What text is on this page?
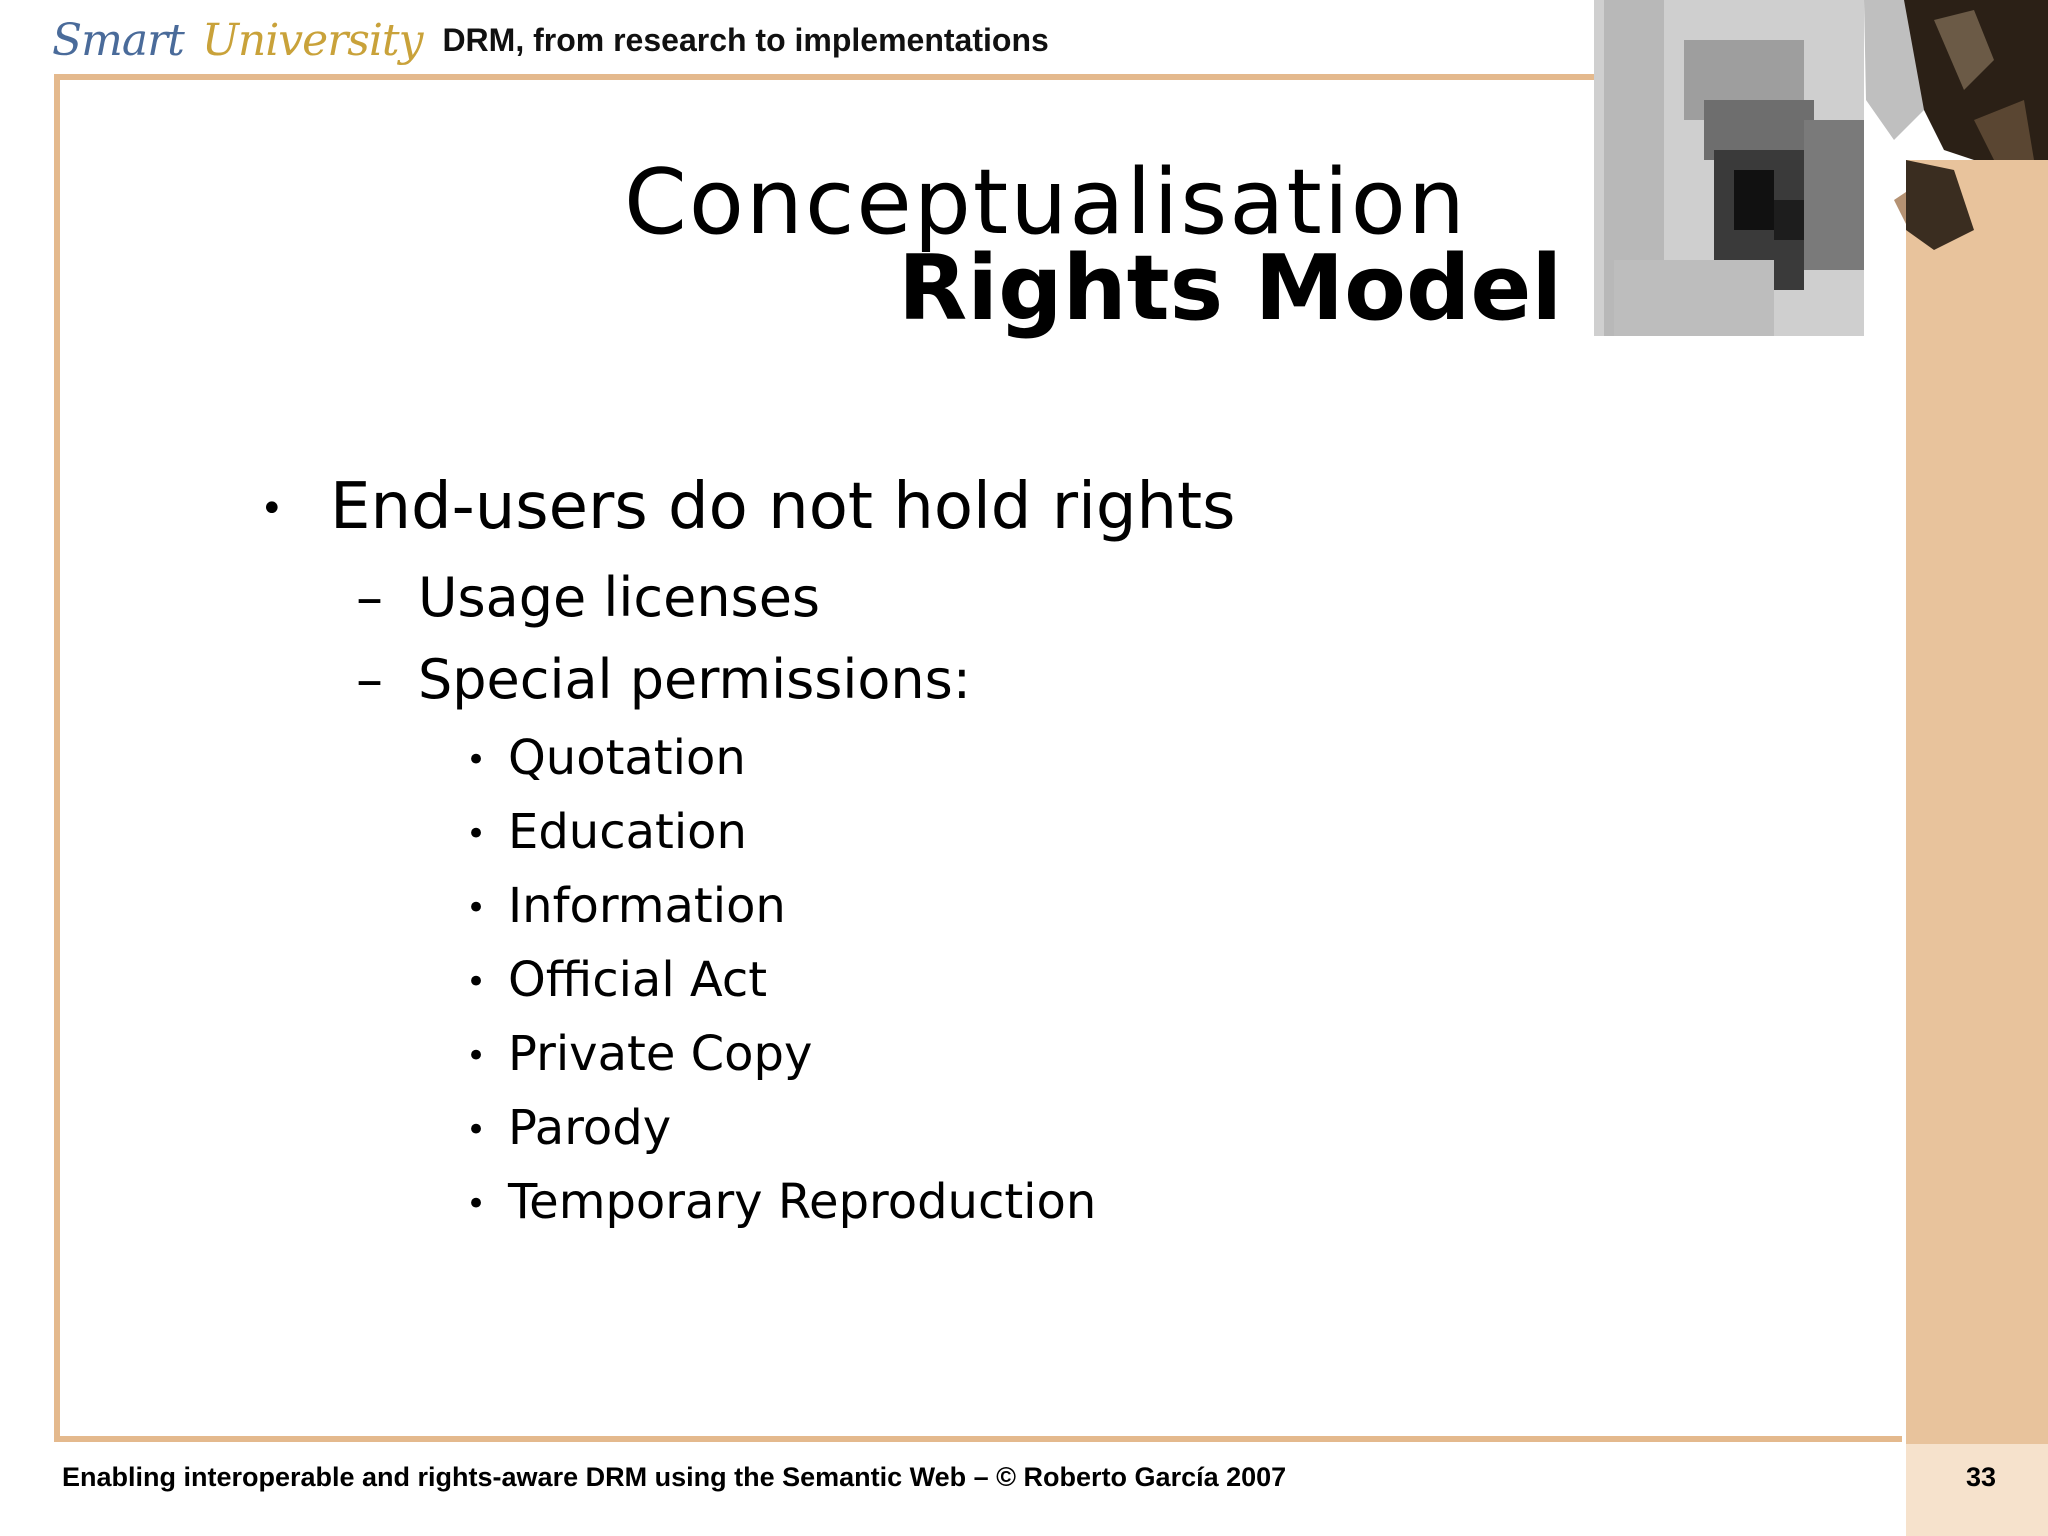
Smart University DRM, from research to implementations
Conceptualisation
Rights Model
• End-users do not hold rights
– Usage licenses
– Special permissions:
• Quotation
• Education
• Information
• Official Act
• Private Copy
• Parody
• Temporary Reproduction
Enabling interoperable and rights-aware DRM using the Semantic Web – © Roberto García 2007	33
